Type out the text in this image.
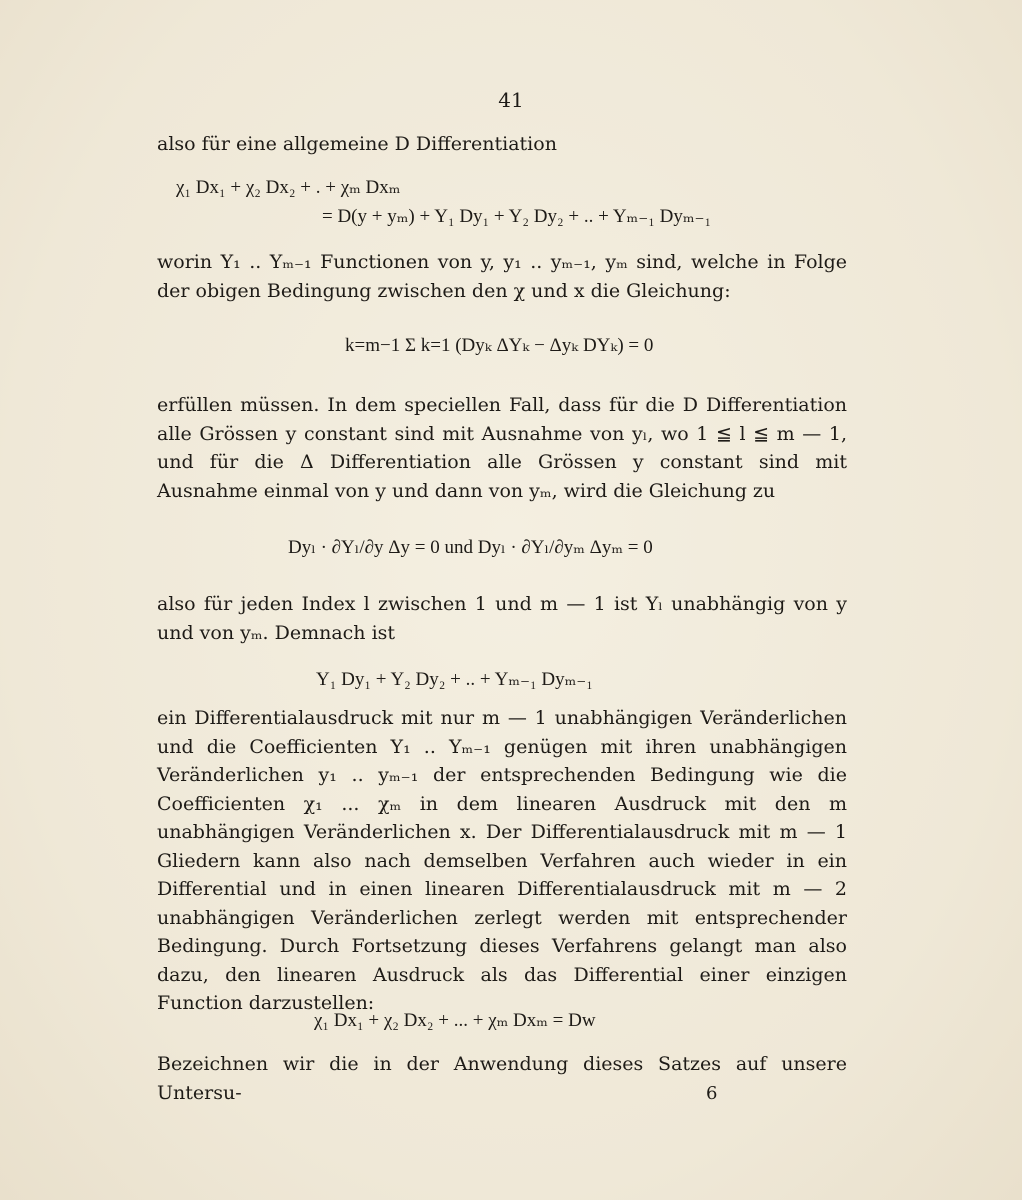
41
also für eine allgemeine D Differentiation
χ₁ Dx₁ + χ₂ Dx₂ + . + χₘ Dxₘ
= D(y + yₘ) + Y₁ Dy₁ + Y₂ Dy₂ + .. + Yₘ₋₁ Dyₘ₋₁
worin Y₁ .. Yₘ₋₁ Functionen von y, y₁ .. yₘ₋₁, yₘ sind, welche in Folge der obigen Bedingung zwischen den χ und x die Gleichung:
k=m−1 Σ k=1 (Dyₖ ΔYₖ − Δyₖ DYₖ) = 0
erfüllen müssen. In dem speciellen Fall, dass für die D Differentiation alle Grössen y constant sind mit Ausnahme von yₗ, wo 1 ≦ l ≦ m — 1, und für die Δ Differentiation alle Grössen y constant sind mit Ausnahme einmal von y und dann von yₘ, wird die Gleichung zu
Dyₗ · ∂Yₗ/∂y Δy = 0 und Dyₗ · ∂Yₗ/∂yₘ Δyₘ = 0
also für jeden Index l zwischen 1 und m — 1 ist Yₗ unabhängig von y und von yₘ. Demnach ist
Y₁ Dy₁ + Y₂ Dy₂ + .. + Yₘ₋₁ Dyₘ₋₁
ein Differentialausdruck mit nur m — 1 unabhängigen Veränderlichen und die Coefficienten Y₁ .. Yₘ₋₁ genügen mit ihren unabhängigen Veränderlichen y₁ .. yₘ₋₁ der entsprechenden Bedingung wie die Coefficienten χ₁ ... χₘ in dem linearen Ausdruck mit den m unabhängigen Veränderlichen x. Der Differentialausdruck mit m — 1 Gliedern kann also nach demselben Verfahren auch wieder in ein Differential und in einen linearen Differentialausdruck mit m — 2 unabhängigen Veränderlichen zerlegt werden mit entsprechender Bedingung. Durch Fortsetzung dieses Verfahrens gelangt man also dazu, den linearen Ausdruck als das Differential einer einzigen Function darzustellen:
χ₁ Dx₁ + χ₂ Dx₂ + ... + χₘ Dxₘ = Dw
Bezeichnen wir die in der Anwendung dieses Satzes auf unsere Untersu-	6
